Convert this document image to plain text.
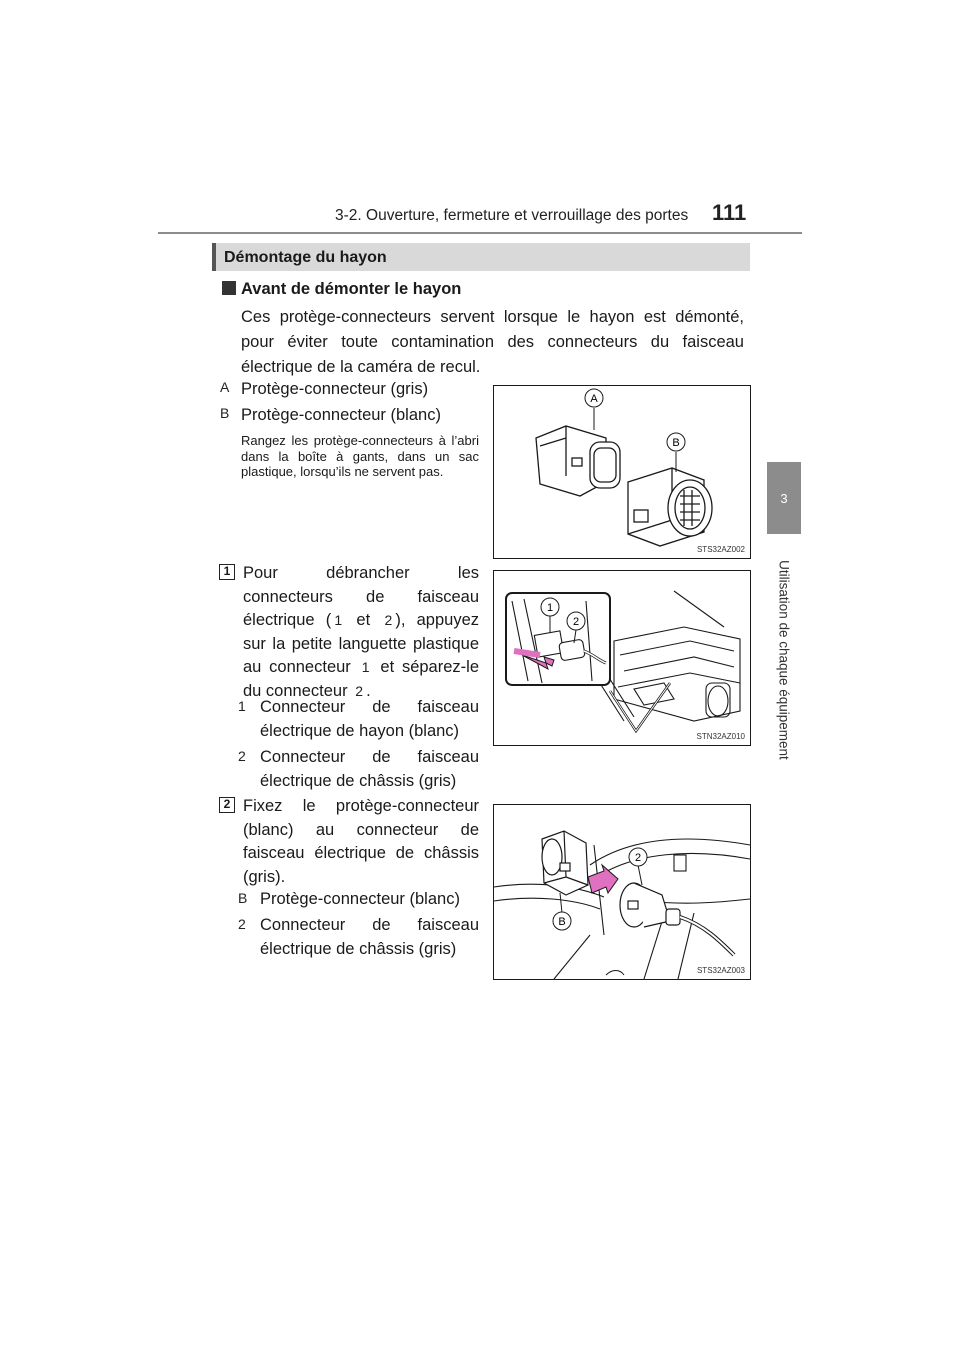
3-2. Ouverture, fermeture et verrouillage des portes 111
3
Utilisation de chaque équipement
Démontage du hayon
Avant de démonter le hayon
Ces protège-connecteurs servent lorsque le hayon est démonté, pour éviter toute contamination des connecteurs du faisceau électrique de la caméra de recul.
A Protège-connecteur (gris)
B Protège-connecteur (blanc)
Rangez les protège-connecteurs à l’abri dans la boîte à gants, dans un sac plastique, lorsqu’ils ne servent pas.
A
B
STS32AZ002
1 Pour débrancher les connecteurs de faisceau électrique ( 1 et 2 ), appuyez sur la petite languette plastique au connecteur 1 et séparez-le du connecteur 2 .
1 Connecteur de faisceau électrique de hayon (blanc)
2 Connecteur de faisceau électrique de châssis (gris)
1
2
STN32AZ010
2 Fixez le protège-connecteur (blanc) au connecteur de faisceau électrique de châssis (gris).
B Protège-connecteur (blanc)
2 Connecteur de faisceau électrique de châssis (gris)
2
B
STS32AZ003
